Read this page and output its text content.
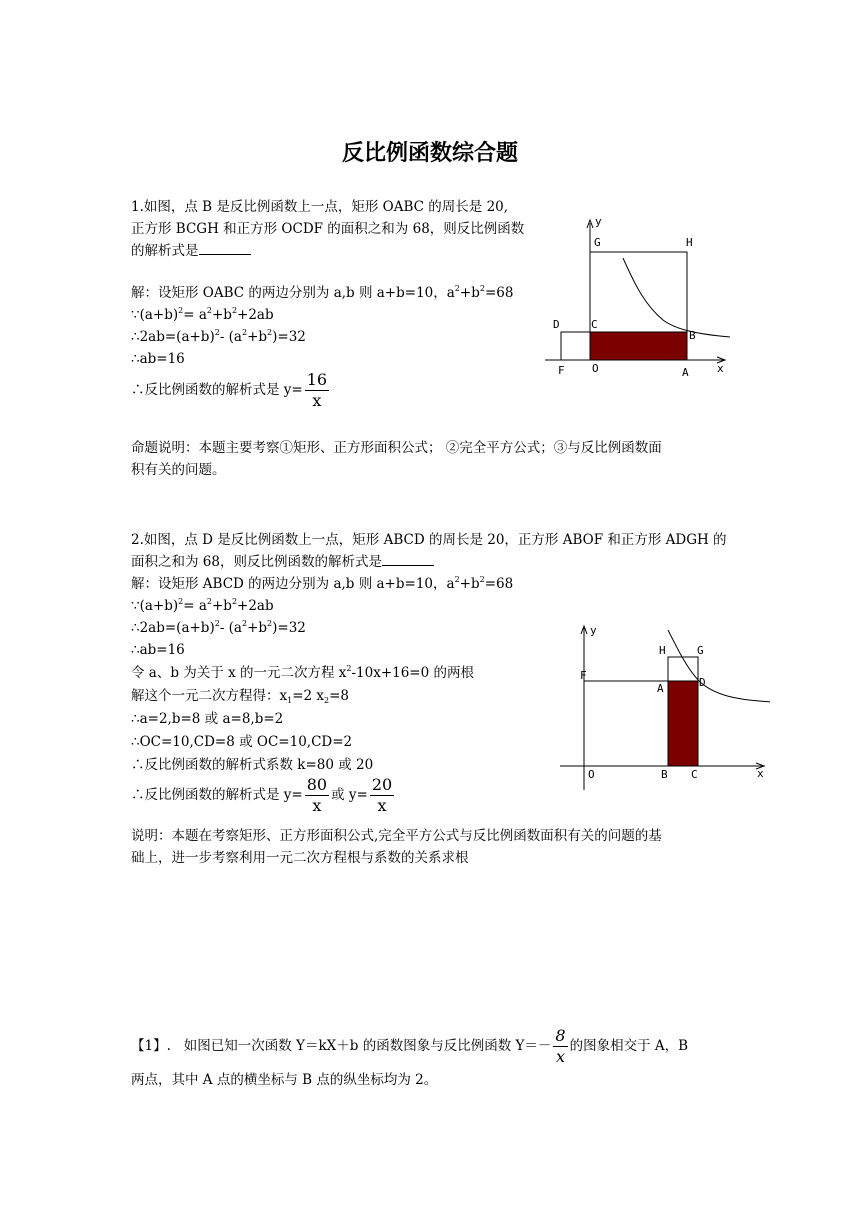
反比例函数综合题
1.如图，点 B 是反比例函数上一点，矩形 OABC 的周长是 20,
正方形 BCGH 和正方形 OCDF 的面积之和为 68，则反比例函数
的解析式是
解：设矩形 OABC 的两边分别为 a,b 则 a+b=10，$a^2+b^2=68$
$\because(a+b)^2= a^2+b^2+2ab$
$\therefore 2ab=(a+b)^2-$ $(a^2+b^2)=32$
∴ab=16
∴反比例函数的解析式是 $y= \frac{16}{x}$
命题说明：本题主要考察①矩形、正方形面积公式； ②完全平方公式；③与反比例函数面
积有关的问题。
y
x
G	H
D	C
B
F O	A
2.如图，点 D 是反比例函数上一点，矩形 ABCD 的周长是 20，正方形 ABOF 和正方形 ADGH 的
面积之和为 68，则反比例函数的解析式是
解：设矩形 ABCD 的两边分别为 a,b 则 a+b=10，$a^2+b^2=68$
$\because(a+b)^2= a^2+b^2+2ab$
$\therefore 2ab=(a+b)^2-$ $(a^2+b^2)=32$
∴ab=16
令 a、b 为关于 x 的一元二次方程 $x^2-10x+16=0$ 的两根
解这个一元二次方程得：$x_1=2$ $x_2=8$
∴a=2,b=8 或 a=8,b=2
∴OC=10,CD=8 或 OC=10,CD=2
∴反比例函数的解析式系数 k=80 或 20
∴反比例函数的解析式是 $y= \frac{80}{x}$ 或 $y= \frac{20}{x}$
说明：本题在考察矩形、正方形面积公式,完全平方公式与反比例函数面积有关的问题的基
础上，进一步考察利用一元二次方程根与系数的关系求根
y
x
H	G
F
A	D
O	B C
【1】. 如图已知一次函数 Y＝kX＋b 的函数图象与反比例函数 $Y=- \frac{8}{x}$ 的图象相交于 A，B
两点，其中 A 点的横坐标与 B 点的纵坐标均为 2。
